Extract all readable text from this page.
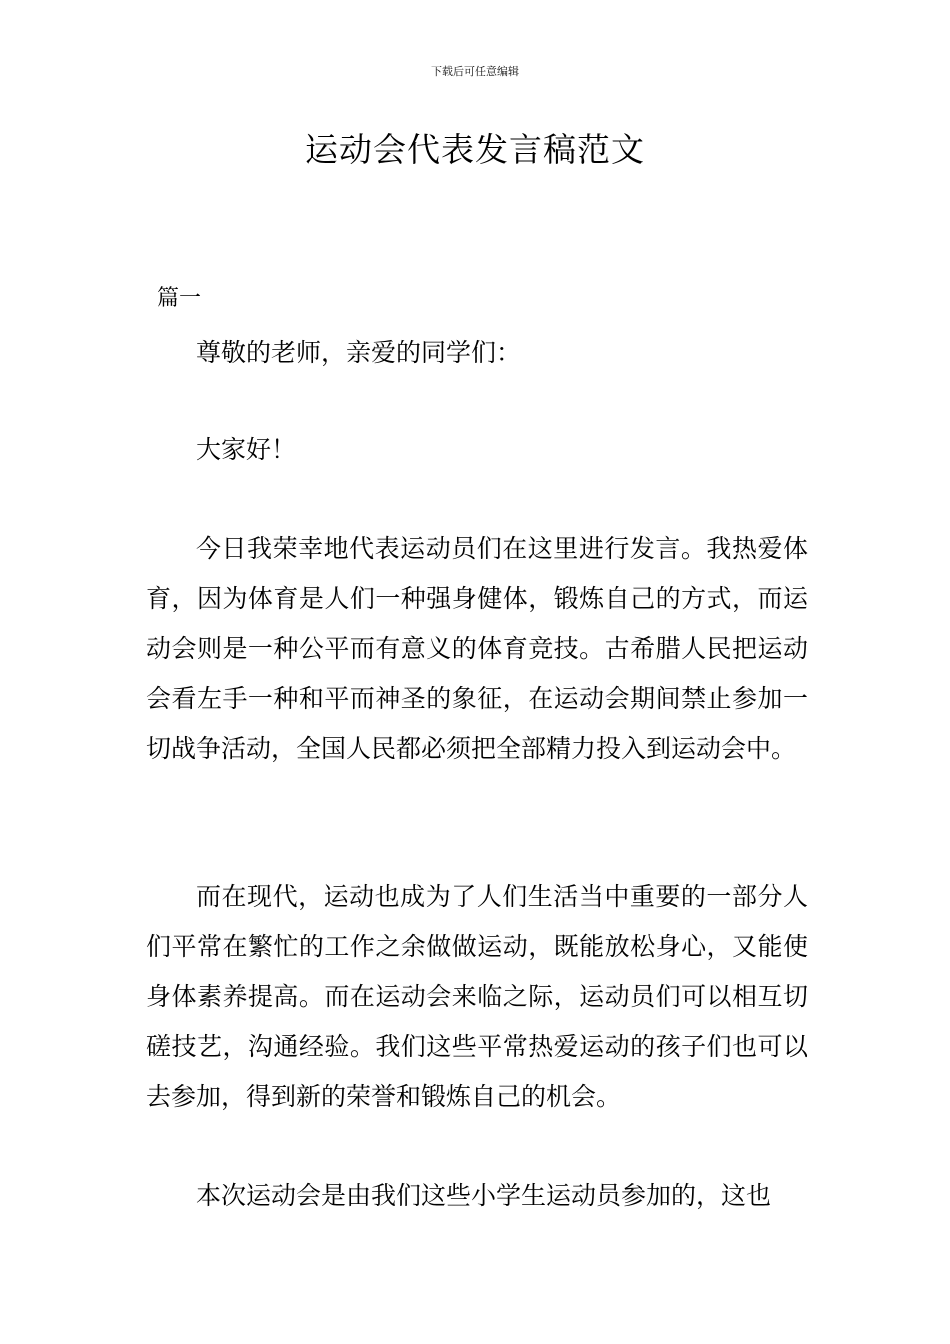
下载后可任意编辑
运动会代表发言稿范文
篇一

尊敬的老师，亲爱的同学们：

大家好！

今日我荣幸地代表运动员们在这里进行发言。我热爱体育，因为体育是人们一种强身健体，锻炼自己的方式，而运动会则是一种公平而有意义的体育竞技。古希腊人民把运动会看左手一种和平而神圣的象征，在运动会期间禁止参加一切战争活动，全国人民都必须把全部精力投入到运动会中。

而在现代，运动也成为了人们生活当中重要的一部分人们平常在繁忙的工作之余做做运动，既能放松身心，又能使身体素养提高。而在运动会来临之际，运动员们可以相互切磋技艺，沟通经验。我们这些平常热爱运动的孩子们也可以去参加，得到新的荣誉和锻炼自己的机会。

本次运动会是由我们这些小学生运动员参加的，这也
